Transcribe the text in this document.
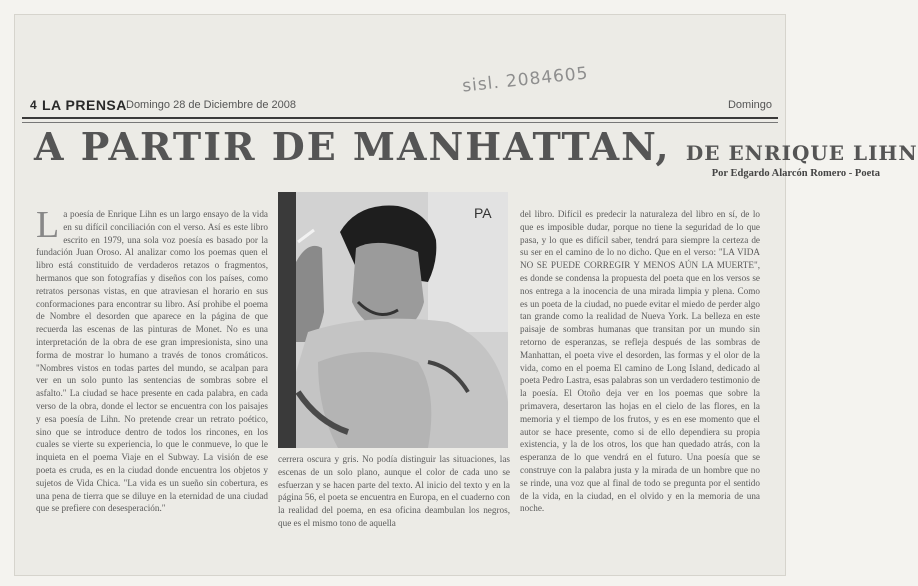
sisl. 2084605
4 LA PRENSA Domingo 28 de Diciembre de 2008	Domingo
A PARTIR DE MANHATTAN, DE ENRIQUE LIHN
Por Edgardo Alarcón Romero - Poeta
L a poesía de Enrique Lihn es un largo ensayo de la vida en su difícil conciliación con el verso. Así es este libro escrito en 1979, una sola voz poesía es basado por la fundación Juan Oroso. Al analizar como los poemas quen el libro está constituido de verdaderos retazos o fragmentos, hermanos que son fotografías y diseños con los países, como retratos personas vistas, en que atraviesan el horario en sus conformaciones para encontrar su libro. Así prohibe el poema de Nombre el desorden que aparece en la página de que recuerda las escenas de las pinturas de Monet. No es una interpretación de la obra de ese gran impresionista, sino una forma de mostrar lo humano a través de tonos cromáticos. "Nombres vistos en todas partes del mundo, se acalpan para ver en un solo punto las sentencias de sombras sobre el asfalto." La ciudad se hace presente en cada palabra, en cada verso de la obra, donde el lector se encuentra con los paisajes y esa poesía de Lihn. No pretende crear un retrato poético, sino que se introduce dentro de todos los rincones, en los cuales se vierte su experiencia, lo que le conmueve, lo que le inquieta en el poema Viaje en el Subway. La visión de ese poeta es cruda, es en la ciudad donde encuentra los objetos y sujetos de Vida Chica. "La vida es un sueño sin cobertura, es una pena de tierra que se diluye en la eternidad de una ciudad que se prefiere con desesperación."

PA

cerrera oscura y gris. No podía distinguir las situaciones, las escenas de un solo plano, aunque el color de cada uno se esfuerzan y se hacen parte del texto. Al inicio del texto y en la página 56, el poeta se encuentra en Europa, en el cuaderno con la realidad del poema, en esa oficina deambulan los negros, que es el mismo tono de aquella

del libro. Difícil es predecir la naturaleza del libro en sí, de lo que es imposible dudar, porque no tiene la seguridad de lo que pasa, y lo que es difícil saber, tendrá para siempre la certeza de su ser en el camino de lo no dicho. Que en el verso: "LA VIDA NO SE PUEDE CORREGIR Y MENOS AÚN LA MUERTE", es donde se condensa la propuesta del poeta que en los versos se nos entrega a la inocencia de una mirada limpia y plena. Como es un poeta de la ciudad, no puede evitar el miedo de perder algo tan grande como la realidad de Nueva York. La belleza en este paisaje de sombras humanas que transitan por un mundo sin retorno de esperanzas, se refleja después de las sombras de Manhattan, el poeta vive el desorden, las formas y el olor de la vida, como en el poema El camino de Long Island, dedicado al poeta Pedro Lastra, esas palabras son un verdadero testimonio de la poesía. El Otoño deja ver en los poemas que sobre la primavera, desertaron las hojas en el cielo de las flores, en la memoria y el tiempo de los frutos, y es en ese momento que el autor se hace presente, como si de ello dependiera su propia existencia, y la de los otros, los que han quedado atrás, con la esperanza de lo que vendrá en el futuro. Una poesía que se construye con la palabra justa y la mirada de un hombre que no se rinde, una voz que al final de todo se pregunta por el sentido de la vida, en la ciudad, en el olvido y en la memoria de una noche.
